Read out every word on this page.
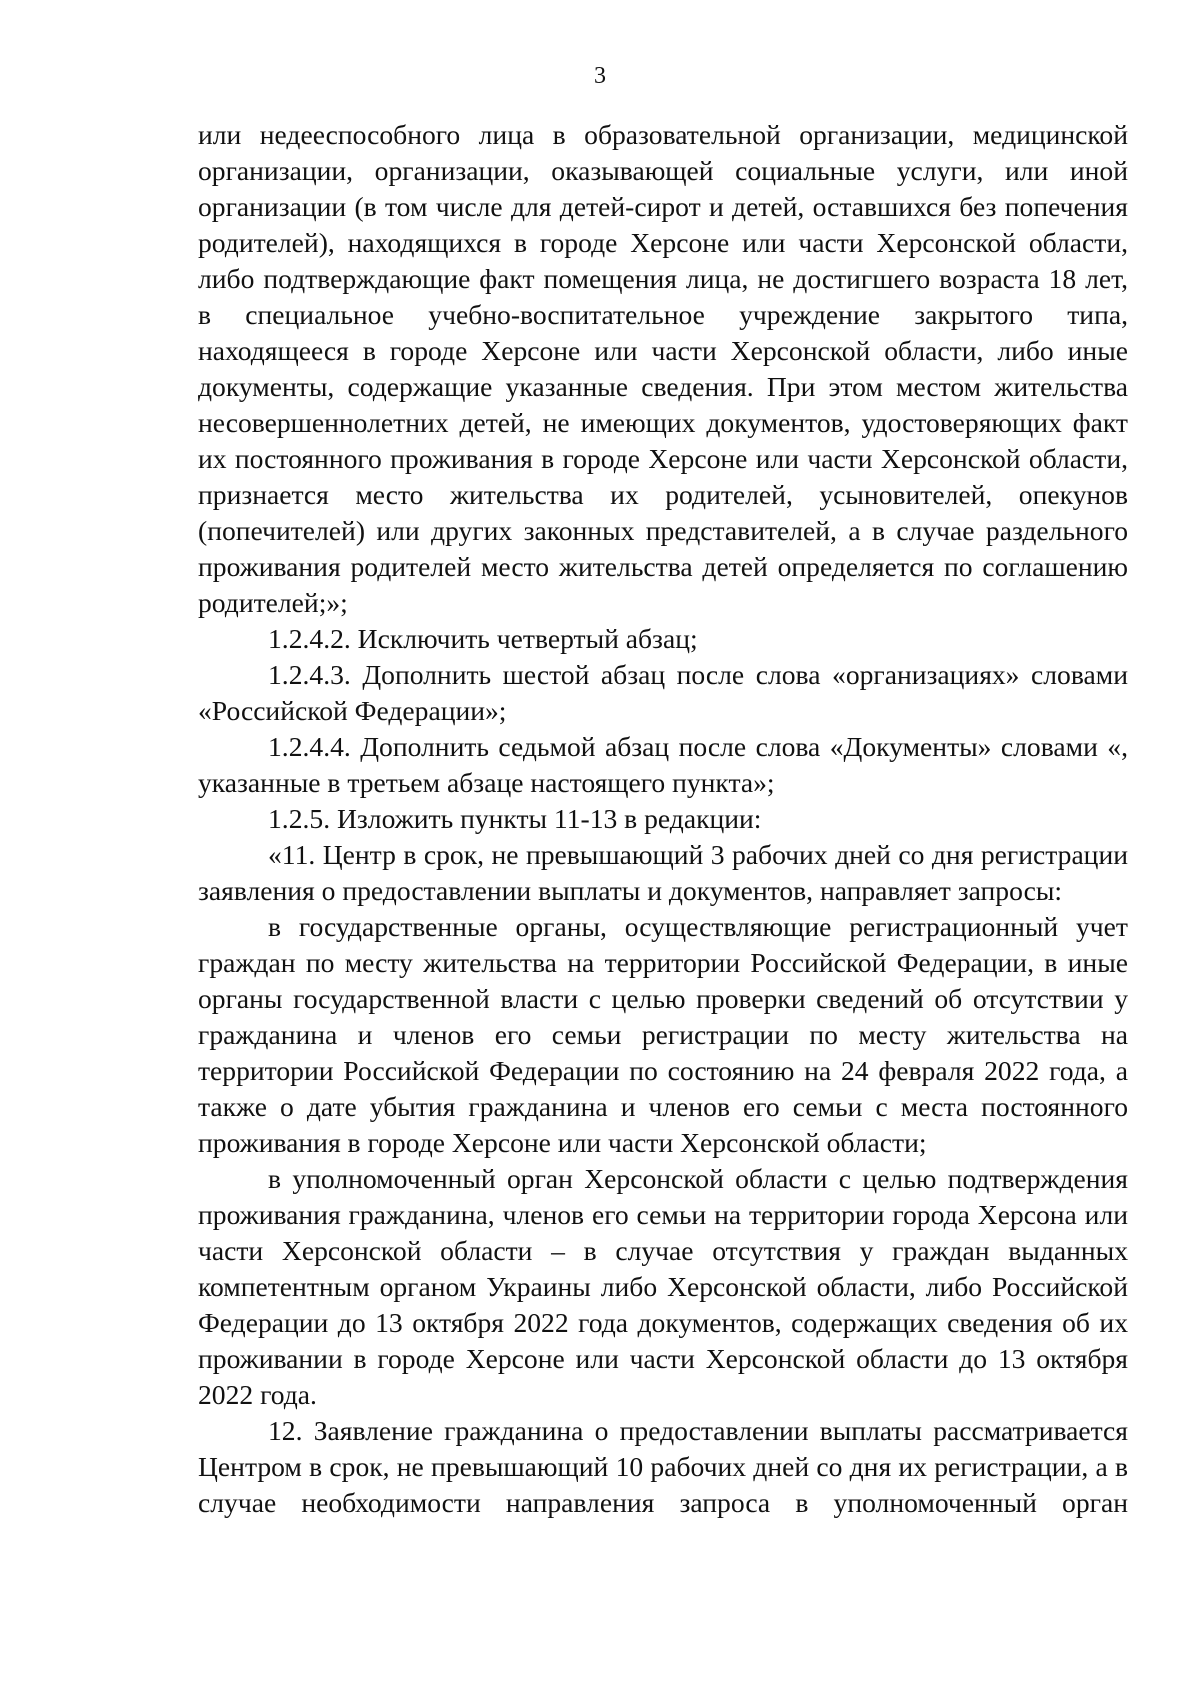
3

или недееспособного лица в образовательной организации, медицинской организации, организации, оказывающей социальные услуги, или иной организации (в том числе для детей-сирот и детей, оставшихся без попечения родителей), находящихся в городе Херсоне или части Херсонской области, либо подтверждающие факт помещения лица, не достигшего возраста 18 лет, в специальное учебно-воспитательное учреждение закрытого типа, находящееся в городе Херсоне или части Херсонской области, либо иные документы, содержащие указанные сведения. При этом местом жительства несовершеннолетних детей, не имеющих документов, удостоверяющих факт их постоянного проживания в городе Херсоне или части Херсонской области, признается место жительства их родителей, усыновителей, опекунов (попечителей) или других законных представителей, а в случае раздельного проживания родителей место жительства детей определяется по соглашению родителей;»;

1.2.4.2. Исключить четвертый абзац;

1.2.4.3. Дополнить шестой абзац после слова «организациях» словами «Российской Федерации»;

1.2.4.4. Дополнить седьмой абзац после слова «Документы» словами «, указанные в третьем абзаце настоящего пункта»;

1.2.5. Изложить пункты 11-13 в редакции:

«11. Центр в срок, не превышающий 3 рабочих дней со дня регистрации заявления о предоставлении выплаты и документов, направляет запросы:

в государственные органы, осуществляющие регистрационный учет граждан по месту жительства на территории Российской Федерации, в иные органы государственной власти с целью проверки сведений об отсутствии у гражданина и членов его семьи регистрации по месту жительства на территории Российской Федерации по состоянию на 24 февраля 2022 года, а также о дате убытия гражданина и членов его семьи с места постоянного проживания в городе Херсоне или части Херсонской области;

в уполномоченный орган Херсонской области с целью подтверждения проживания гражданина, членов его семьи на территории города Херсона или части Херсонской области – в случае отсутствия у граждан выданных компетентным органом Украины либо Херсонской области, либо Российской Федерации до 13 октября 2022 года документов, содержащих сведения об их проживании в городе Херсоне или части Херсонской области до 13 октября 2022 года.

12. Заявление гражданина о предоставлении выплаты рассматривается Центром в срок, не превышающий 10 рабочих дней со дня их регистрации, а в случае необходимости направления запроса в уполномоченный орган
